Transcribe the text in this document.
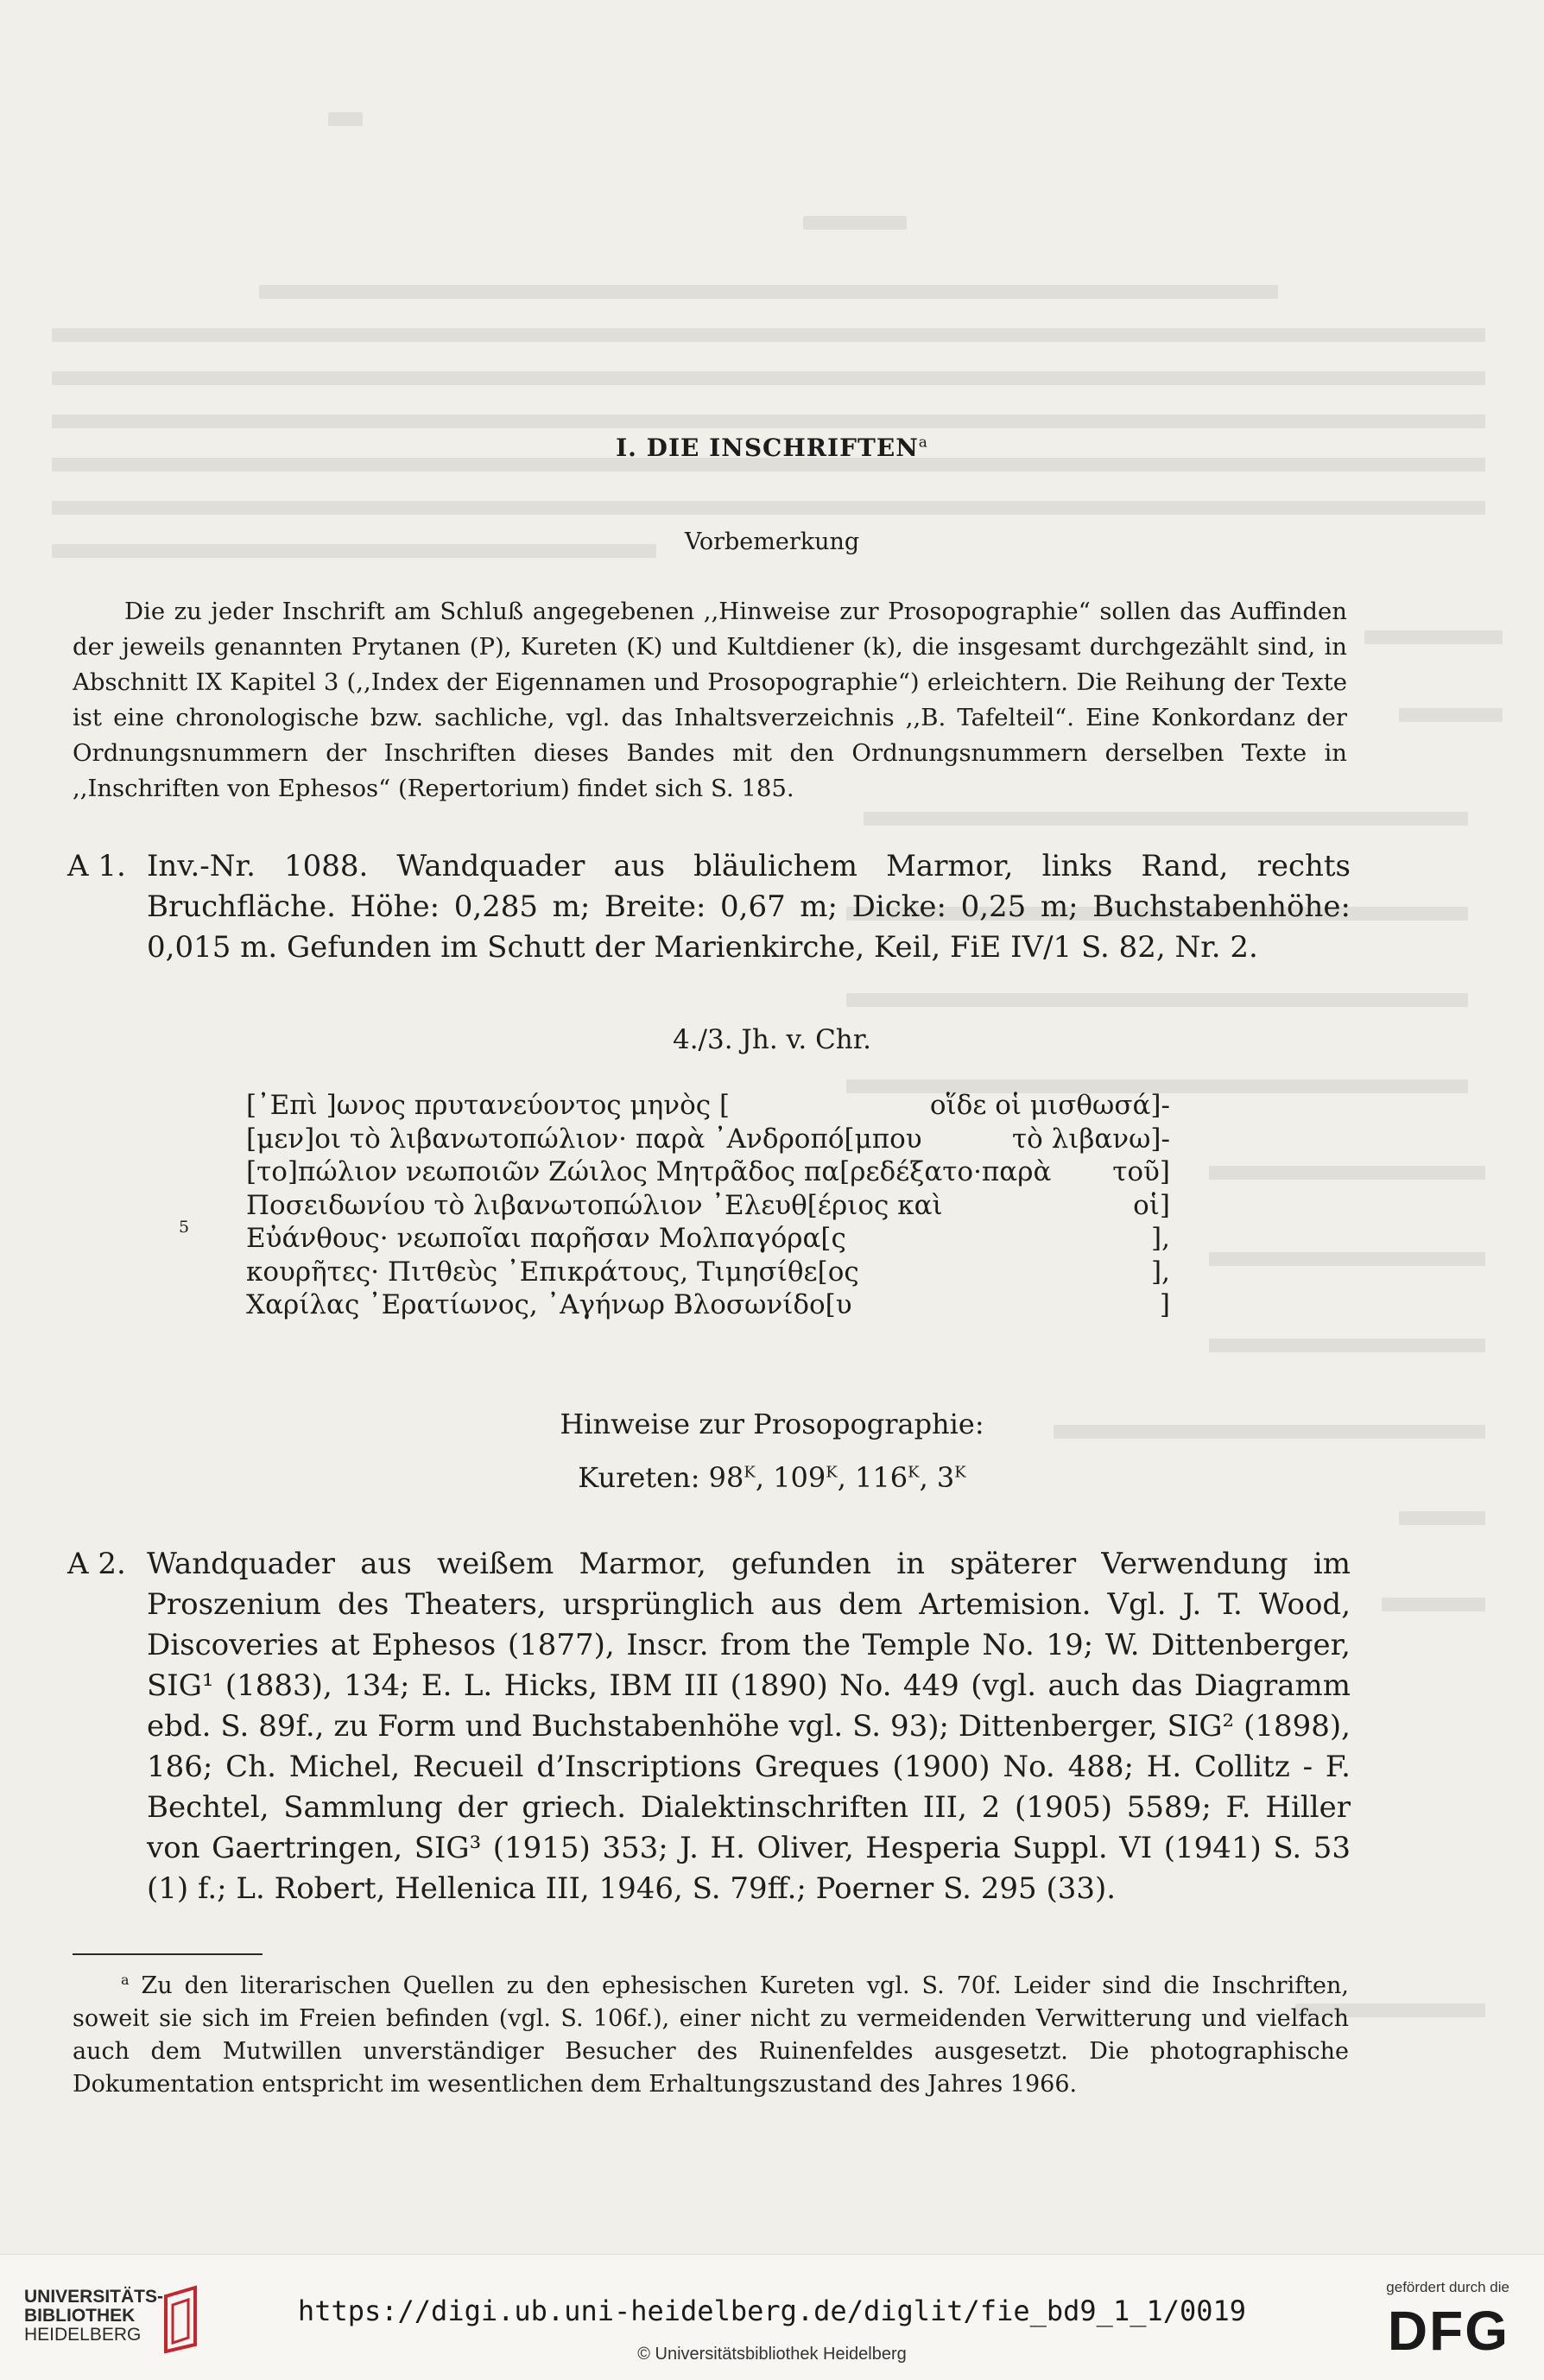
I. DIE INSCHRIFTEN$^a$
Vorbemerkung

Die zu jeder Inschrift am Schluß angegebenen ,,Hinweise zur Prosopographie“ sollen das Auffinden der jeweils genannten Prytanen (P), Kureten (K) und Kultdiener (k), die insgesamt durchgezählt sind, in Abschnitt IX Kapitel 3 (,,Index der Eigennamen und Prosopographie“) erleichtern. Die Reihung der Texte ist eine chronologische bzw. sachliche, vgl. das Inhaltsverzeichnis ,,B. Tafelteil“. Eine Konkordanz der Ordnungsnummern der Inschriften dieses Bandes mit den Ordnungsnummern derselben Texte in ,,Inschriften von Ephesos“ (Repertorium) findet sich S. 185.

A 1. Inv.-Nr. 1088. Wandquader aus bläulichem Marmor, links Rand, rechts Bruchfläche. Höhe: 0,285 m; Breite: 0,67 m; Dicke: 0,25 m; Buchstabenhöhe: 0,015 m. Gefunden im Schutt der Marienkirche, Keil, FiE IV/1 S. 82, Nr. 2.
4./3. Jh. v. Chr.
[᾿Επὶ ]ωνος πρυτανεύοντος μηνὸς [	οἵδε οἱ μισθωσά]-
[μεν]οι τὸ λιβανωτοπώλιον· παρὰ ᾿Ανδροπό[μπου	τὸ λιβανω]-
[το]πώλιον νεωποιῶν Ζώιλος Μητρᾶδος πα[ρεδέξατο·παρὰ τοῦ]
Ποσειδωνίου τὸ λιβανωτοπώλιον ᾿Ελευθ[έριος καὶ	οἱ]
Εὐάνθους· νεωποῖαι παρῆσαν Μολπαγόρα[ς	],
5
κουρῆτες· Πιτθεὺς ᾿Επικράτους, Τιμησίθε[ος	],
Χαρίλας ᾿Ερατίωνος, ᾿Αγήνωρ Βλοσωνίδο[υ	]
Hinweise zur Prosopographie:
Kureten: $98^K$, $109^K$, $116^K$, $3^K$
A 2. Wandquader aus weißem Marmor, gefunden in späterer Verwendung im Proszenium des Theaters, ursprünglich aus dem Artemision. Vgl. J. T. Wood, Discoveries at Ephesos (1877), Inscr. from the Temple No. 19; W. Dittenberger, SIG¹ (1883), 134; E. L. Hicks, IBM III (1890) No. 449 (vgl. auch das Diagramm ebd. S. 89f., zu Form und Buchstabenhöhe vgl. S. 93); Dittenberger, SIG² (1898), 186; Ch. Michel, Recueil d’Inscriptions Greques (1900) No. 488; H. Collitz - F. Bechtel, Sammlung der griech. Dialektinschriften III, 2 (1905) 5589; F. Hiller von Gaertringen, SIG³ (1915) 353; J. H. Oliver, Hesperia Suppl. VI (1941) S. 53 (1) f.; L. Robert, Hellenica III, 1946, S. 79ff.; Poerner S. 295 (33).

$^a$ Zu den literarischen Quellen zu den ephesischen Kureten vgl. S. 70f. Leider sind die Inschriften, soweit sie sich im Freien befinden (vgl. S. 106f.), einer nicht zu vermeidenden Verwitterung und vielfach auch dem Mutwillen unverständiger Besucher des Ruinenfeldes ausgesetzt. Die photographische Dokumentation entspricht im wesentlichen dem Erhaltungszustand des Jahres 1966.

UNIVERSITÄTS-
BIBLIOTHEK
HEIDELBERG
https://digi.ub.uni-heidelberg.de/diglit/fie_bd9_1_1/0019
© Universitätsbibliothek Heidelberg
gefördert durch die
DFG
